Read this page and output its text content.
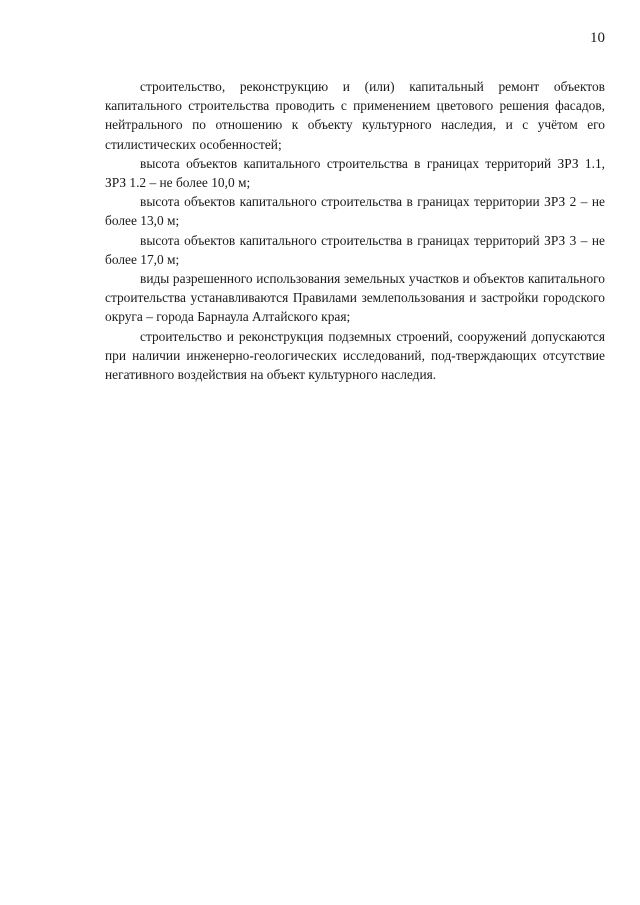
10

строительство, реконструкцию и (или) капитальный ремонт объектов капитального строительства проводить с применением цветового решения фасадов, нейтрального по отношению к объекту культурного наследия, и с учётом его стилистических особенностей;

высота объектов капитального строительства в границах территорий ЗРЗ 1.1, ЗРЗ 1.2 – не более 10,0 м;

высота объектов капитального строительства в границах территории ЗРЗ 2 – не более 13,0 м;

высота объектов капитального строительства в границах территорий ЗРЗ 3 – не более 17,0 м;

виды разрешенного использования земельных участков и объектов капитального строительства устанавливаются Правилами землепользования и застройки городского округа – города Барнаула Алтайского края;

строительство и реконструкция подземных строений, сооружений допускаются при наличии инженерно-геологических исследований, под-тверждающих отсутствие негативного воздействия на объект культурного наследия.
